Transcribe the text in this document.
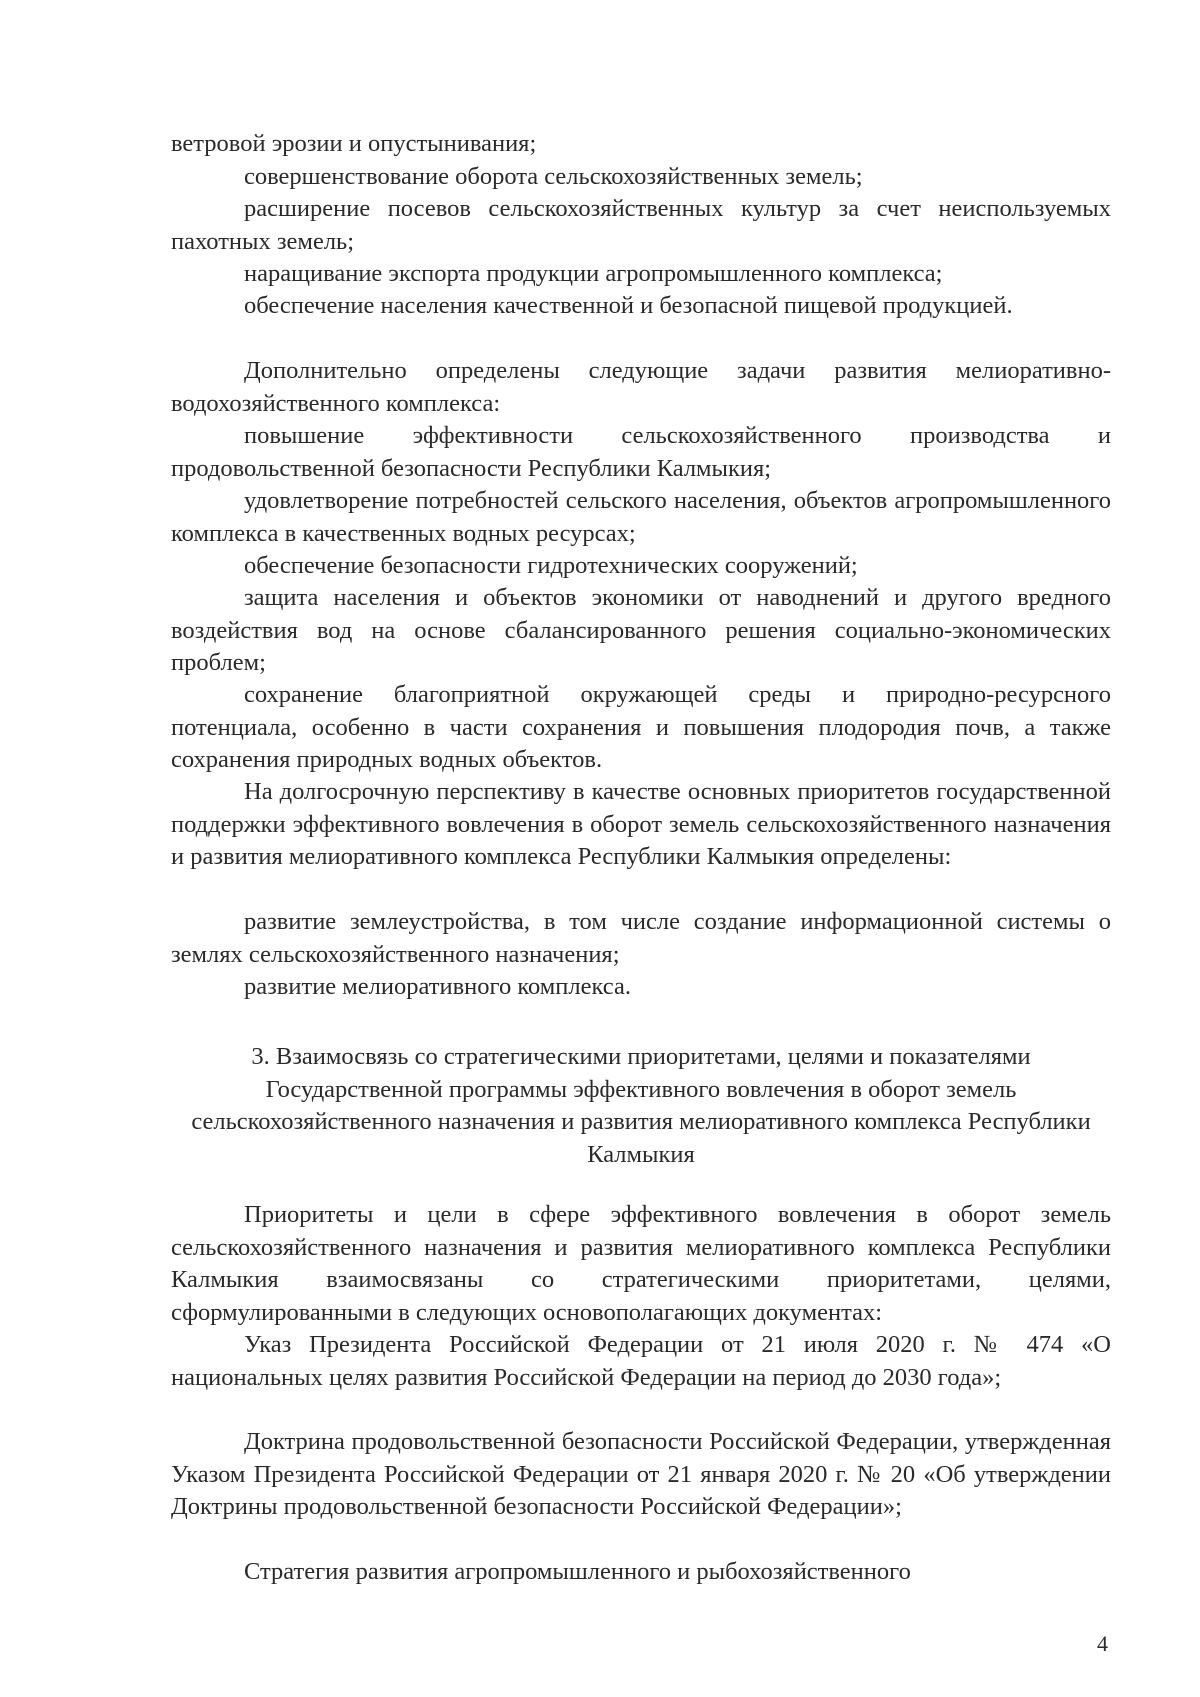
ветровой эрозии и опустынивания;

совершенствование оборота сельскохозяйственных земель;

расширение посевов сельскохозяйственных культур за счет неиспользуемых пахотных земель;

наращивание экспорта продукции агропромышленного комплекса;

обеспечение населения качественной и безопасной пищевой продукцией.

Дополнительно определены следующие задачи развития мелиоративно-водохозяйственного комплекса:

повышение эффективности сельскохозяйственного производства и продовольственной безопасности Республики Калмыкия;

удовлетворение потребностей сельского населения, объектов агропромышленного комплекса в качественных водных ресурсах;

обеспечение безопасности гидротехнических сооружений;

защита населения и объектов экономики от наводнений и другого вредного воздействия вод на основе сбалансированного решения социально-экономических проблем;

сохранение благоприятной окружающей среды и природно-ресурсного потенциала, особенно в части сохранения и повышения плодородия почв, а также сохранения природных водных объектов.

На долгосрочную перспективу в качестве основных приоритетов государственной поддержки эффективного вовлечения в оборот земель сельскохозяйственного назначения и развития мелиоративного комплекса Республики Калмыкия определены:

развитие землеустройства, в том числе создание информационной системы о землях сельскохозяйственного назначения;

развитие мелиоративного комплекса.

3. Взаимосвязь со стратегическими приоритетами, целями и показателями Государственной программы эффективного вовлечения в оборот земель сельскохозяйственного назначения и развития мелиоративного комплекса Республики Калмыкия

Приоритеты и цели в сфере эффективного вовлечения в оборот земель сельскохозяйственного назначения и развития мелиоративного комплекса Республики Калмыкия взаимосвязаны со стратегическими приоритетами, целями, сформулированными в следующих основополагающих документах:

Указ Президента Российской Федерации от 21 июля 2020 г. № 474 «О национальных целях развития Российской Федерации на период до 2030 года»;

Доктрина продовольственной безопасности Российской Федерации, утвержденная Указом Президента Российской Федерации от 21 января 2020 г. № 20 «Об утверждении Доктрины продовольственной безопасности Российской Федерации»;

Стратегия развития агропромышленного и рыбохозяйственного

4
